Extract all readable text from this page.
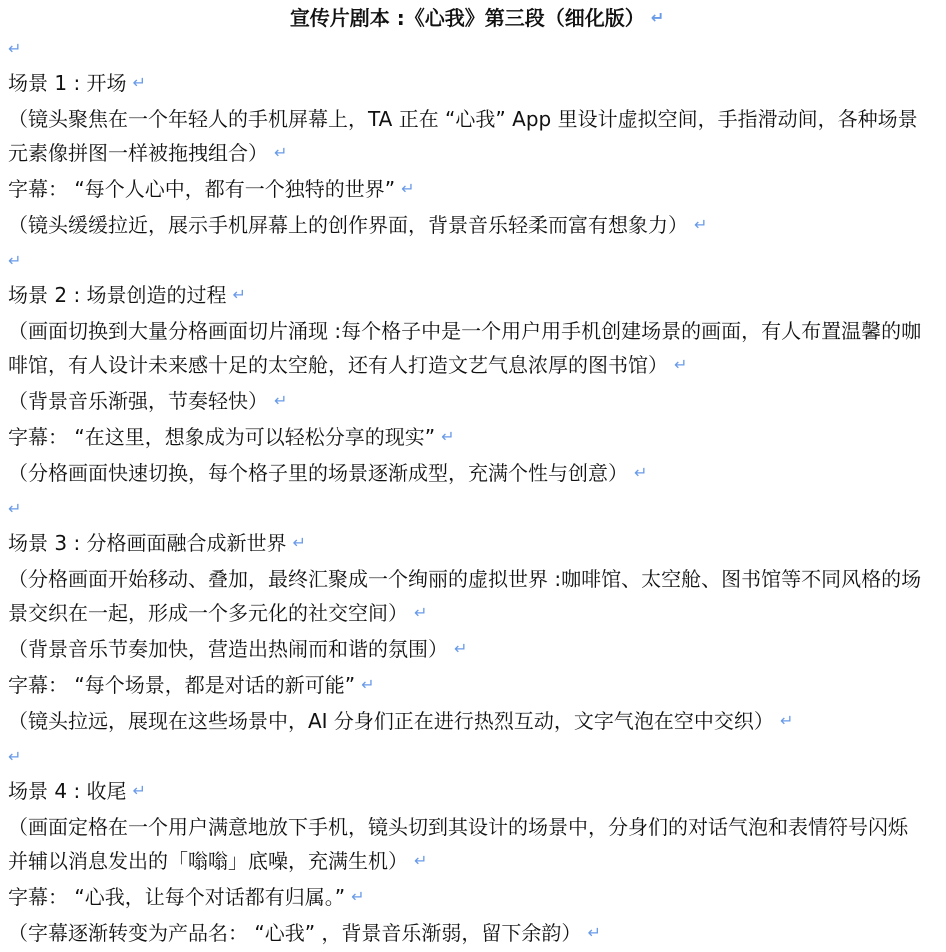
宣传片剧本 :《心我》第三段（细化版） ↵

↵

场景 1 : 开场 ↵

（镜头聚焦在一个年轻人的手机屏幕上，TA 正在 “心我” App 里设计虚拟空间，手指滑动间，各种场景元素像拼图一样被拖拽组合） ↵

字幕： “每个人心中，都有一个独特的世界” ↵

（镜头缓缓拉近，展示手机屏幕上的创作界面，背景音乐轻柔而富有想象力） ↵

↵

场景 2 : 场景创造的过程 ↵

（画面切换到大量分格画面切片涌现 :每个格子中是一个用户用手机创建场景的画面，有人布置温馨的咖啡馆，有人设计未来感十足的太空舱，还有人打造文艺气息浓厚的图书馆） ↵

（背景音乐渐强，节奏轻快） ↵

字幕： “在这里，想象成为可以轻松分享的现实” ↵

（分格画面快速切换，每个格子里的场景逐渐成型，充满个性与创意） ↵

↵

场景 3 : 分格画面融合成新世界 ↵

（分格画面开始移动、叠加，最终汇聚成一个绚丽的虚拟世界 :咖啡馆、太空舱、图书馆等不同风格的场景交织在一起，形成一个多元化的社交空间） ↵

（背景音乐节奏加快，营造出热闹而和谐的氛围） ↵

字幕： “每个场景，都是对话的新可能” ↵

（镜头拉远，展现在这些场景中，AI 分身们正在进行热烈互动，文字气泡在空中交织） ↵

↵

场景 4 : 收尾 ↵

（画面定格在一个用户满意地放下手机，镜头切到其设计的场景中，分身们的对话气泡和表情符号闪烁并辅以消息发出的「嗡嗡」底噪，充满生机） ↵

字幕： “心我，让每个对话都有归属。” ↵

（字幕逐渐转变为产品名： “心我” ，背景音乐渐弱，留下余韵） ↵
